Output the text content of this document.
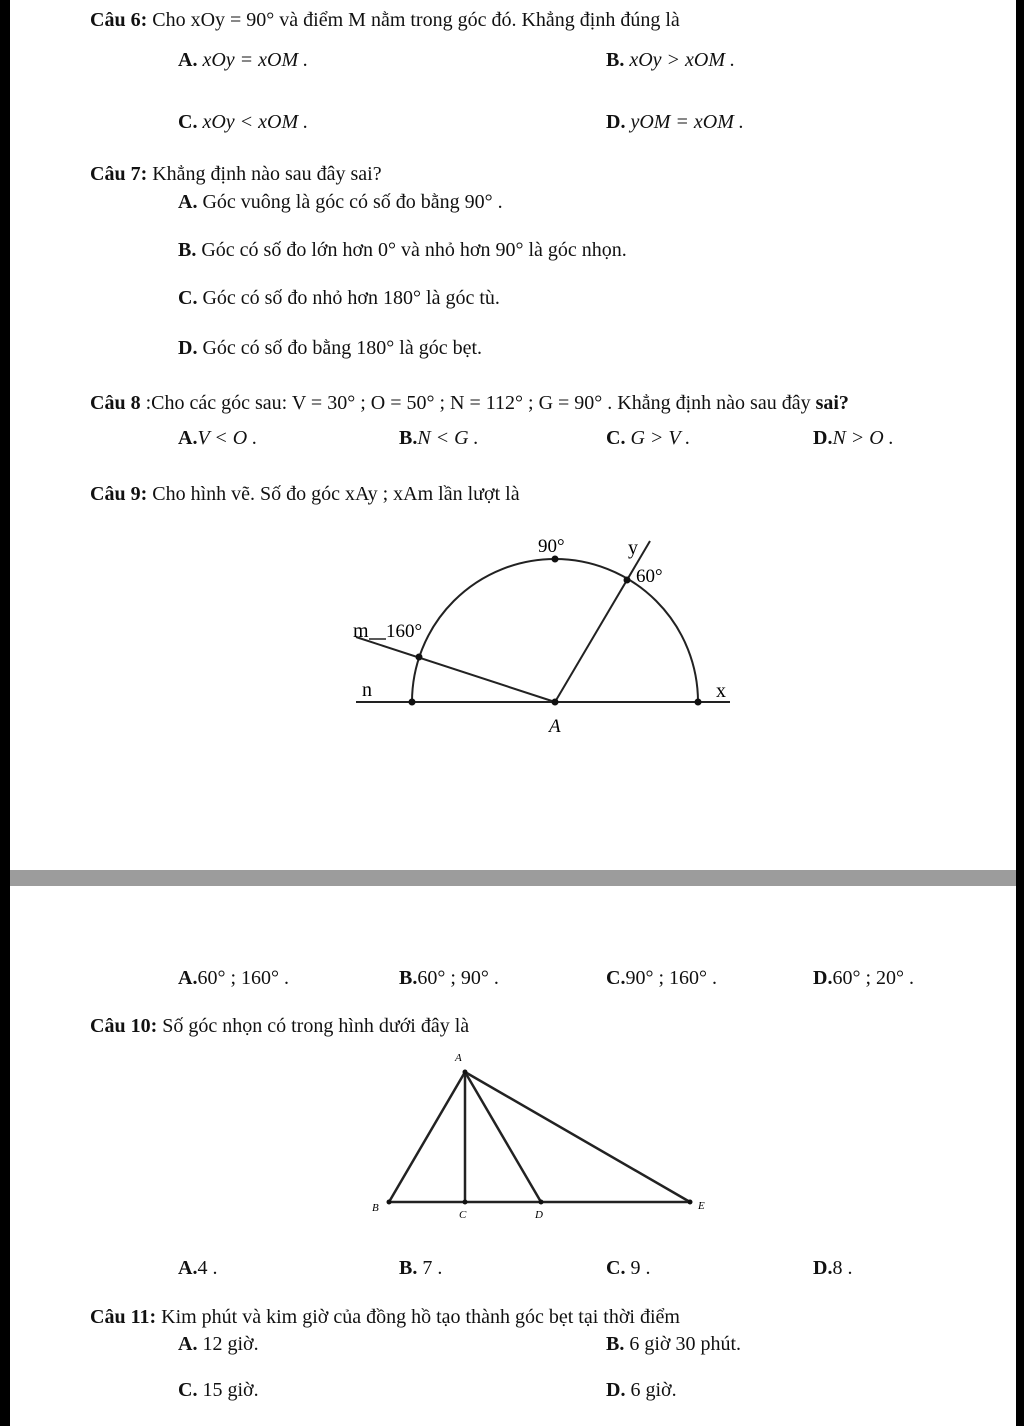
Câu 6: Cho xOy = 90° và điểm M nằm trong góc đó. Khẳng định đúng là
A. xOy = xOM .	B. xOy > xOM .
C. xOy < xOM .	D. yOM = xOM .
Câu 7: Khẳng định nào sau đây sai?
A. Góc vuông là góc có số đo bằng 90° .
B. Góc có số đo lớn hơn 0° và nhỏ hơn 90° là góc nhọn.
C. Góc có số đo nhỏ hơn 180° là góc tù.
D. Góc có số đo bằng 180° là góc bẹt.
Câu 8 :Cho các góc sau: V = 30° ; O = 50° ; N = 112° ; G = 90° . Khẳng định nào sau đây sai?
A.V < O .	B.N < G .	C. G > V .	D.N > O .
Câu 9: Cho hình vẽ. Số đo góc xAy ; xAm lần lượt là
90°
60°
160°
m
y
n	x
A
A.60° ; 160° .	B.60° ; 90° .	C.90° ; 160° .	D.60° ; 20° .
Câu 10: Số góc nhọn có trong hình dưới đây là
A
B
C	D
E
A.4 .	B. 7 .	C. 9 .	D.8 .
Câu 11: Kim phút và kim giờ của đồng hồ tạo thành góc bẹt tại thời điểm
A. 12 giờ.	B. 6 giờ 30 phút.
C. 15 giờ.	D. 6 giờ.
